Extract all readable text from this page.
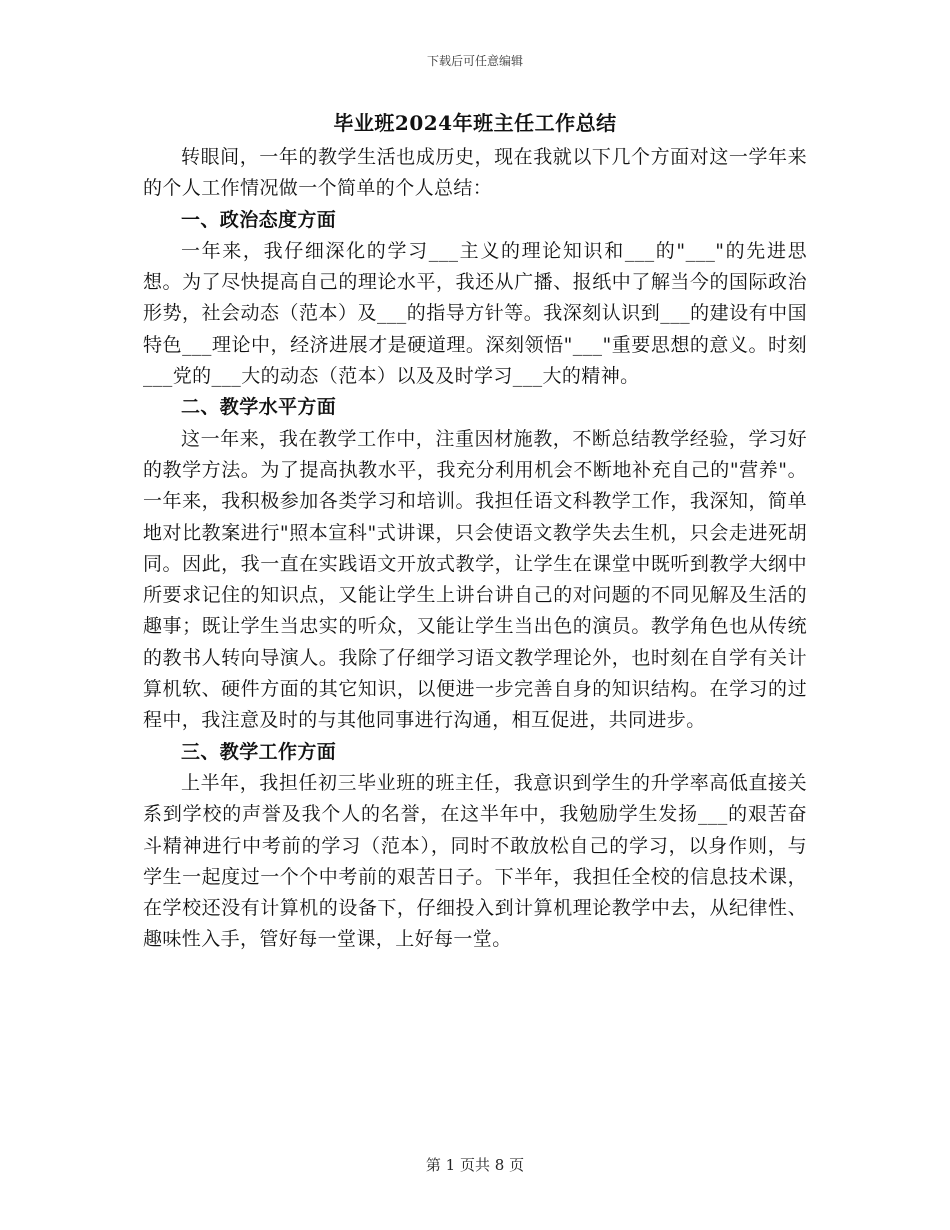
下载后可任意编辑
毕业班2024年班主任工作总结

转眼间，一年的教学生活也成历史，现在我就以下几个方面对这一学年来的个人工作情况做一个简单的个人总结：

一、政治态度方面

一年来，我仔细深化的学习___主义的理论知识和___的"___"的先进思想。为了尽快提高自己的理论水平，我还从广播、报纸中了解当今的国际政治形势，社会动态（范本）及___的指导方针等。我深刻认识到___的建设有中国特色___理论中，经济进展才是硬道理。深刻领悟"___"重要思想的意义。时刻___党的___大的动态（范本）以及及时学习___大的精神。

二、教学水平方面

这一年来，我在教学工作中，注重因材施教，不断总结教学经验，学习好的教学方法。为了提高执教水平，我充分利用机会不断地补充自己的"营养"。一年来，我积极参加各类学习和培训。我担任语文科教学工作，我深知，简单地对比教案进行"照本宣科"式讲课，只会使语文教学失去生机，只会走进死胡同。因此，我一直在实践语文开放式教学，让学生在课堂中既听到教学大纲中所要求记住的知识点，又能让学生上讲台讲自己的对问题的不同见解及生活的趣事；既让学生当忠实的听众，又能让学生当出色的演员。教学角色也从传统的教书人转向导演人。我除了仔细学习语文教学理论外，也时刻在自学有关计算机软、硬件方面的其它知识，以便进一步完善自身的知识结构。在学习的过程中，我注意及时的与其他同事进行沟通，相互促进，共同进步。

三、教学工作方面

上半年，我担任初三毕业班的班主任，我意识到学生的升学率高低直接关系到学校的声誉及我个人的名誉，在这半年中，我勉励学生发扬___的艰苦奋斗精神进行中考前的学习（范本），同时不敢放松自己的学习，以身作则，与学生一起度过一个个中考前的艰苦日子。下半年，我担任全校的信息技术课，在学校还没有计算机的设备下，仔细投入到计算机理论教学中去，从纪律性、趣味性入手，管好每一堂课，上好每一堂。

第 1 页共 8 页
